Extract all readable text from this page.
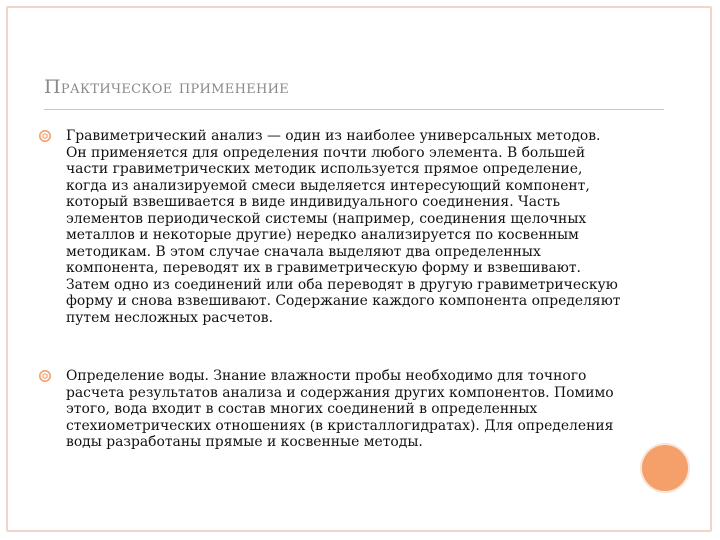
Практическое применение
Гравиметрический анализ — один из наиболее универсальных методов. Он применяется для определения почти любого элемента. В большей части гравиметрических методик используется прямое определение, когда из анализируемой смеси выделяется интересующий компонент, который взвешивается в виде индивидуального соединения. Часть элементов периодической системы (например, соединения щелочных металлов и некоторые другие) нередко анализируется по косвенным методикам. В этом случае сначала выделяют два определенных компонента, переводят их в гравиметрическую форму и взвешивают. Затем одно из соединений или оба переводят в другую гравиметрическую форму и снова взвешивают. Содержание каждого компонента определяют путем несложных расчетов.
Определение воды. Знание влажности пробы необходимо для точного расчета результатов анализа и содержания других компонентов. Помимо этого, вода входит в состав многих соединений в определенных стехиометрических отношениях (в кристаллогидратах). Для определения воды разработаны прямые и косвенные методы.
